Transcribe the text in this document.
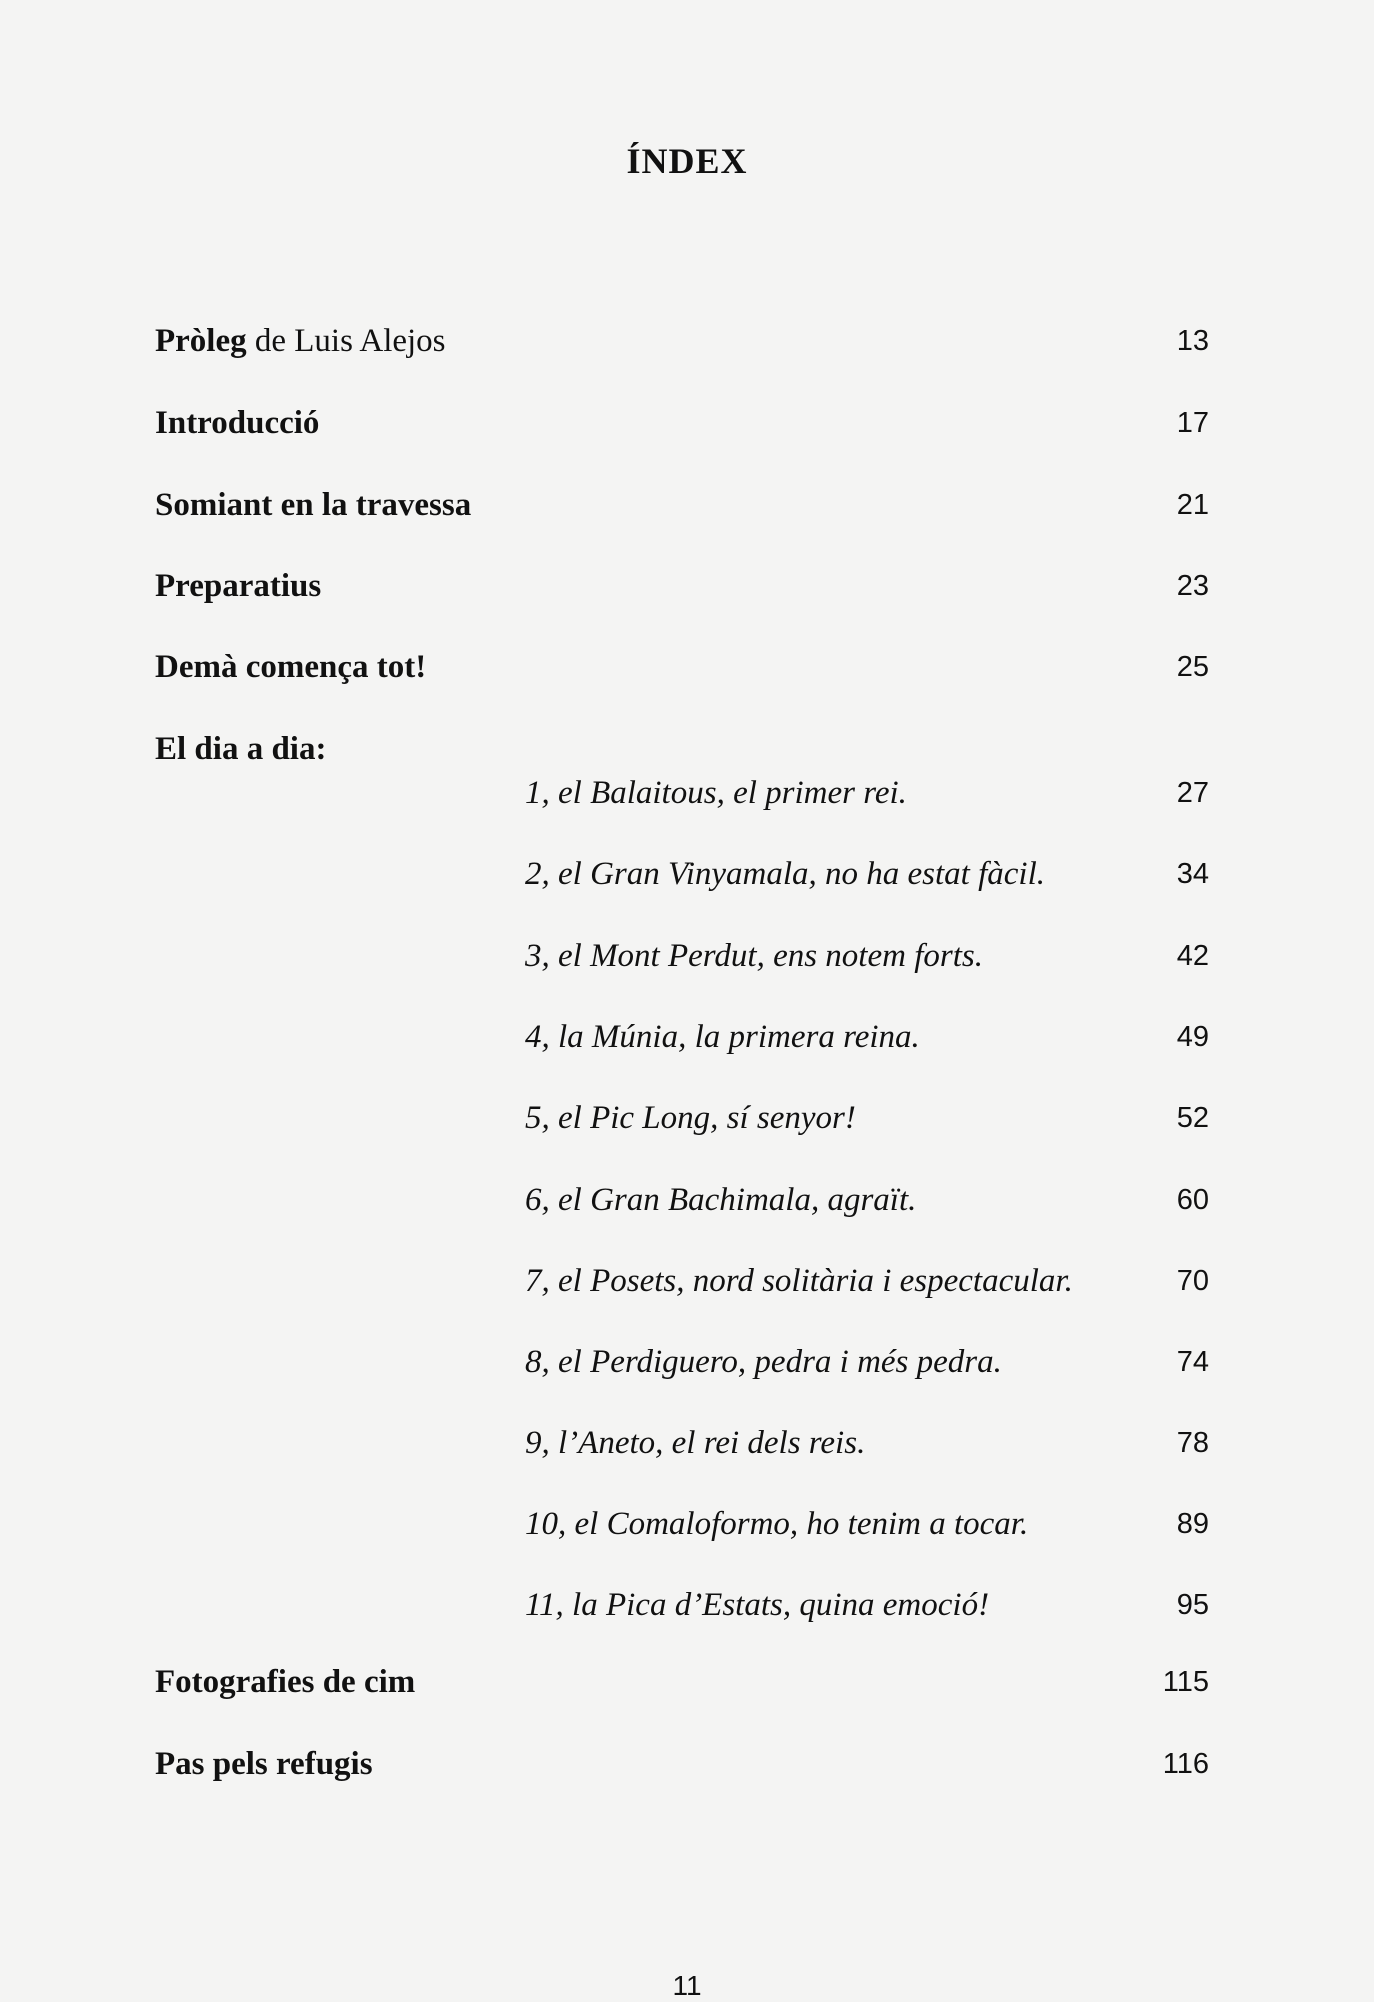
ÍNDEX
Pròleg de Luis Alejos	13
Introducció	17
Somiant en la travessa	21
Preparatius	23
Demà comença tot!	25
El dia a dia:
1, el Balaitous, el primer rei.	27
2, el Gran Vinyamala, no ha estat fàcil.	34
3, el Mont Perdut, ens notem forts.	42
4, la Múnia, la primera reina.	49
5, el Pic Long, sí senyor!	52
6, el Gran Bachimala, agraït.	60
7, el Posets, nord solitària i espectacular.	70
8, el Perdiguero, pedra i més pedra.	74
9, l’Aneto, el rei dels reis.	78
10, el Comaloformo, ho tenim a tocar.	89
11, la Pica d’Estats, quina emoció!	95
Fotografies de cim	115
Pas pels refugis	116
11
